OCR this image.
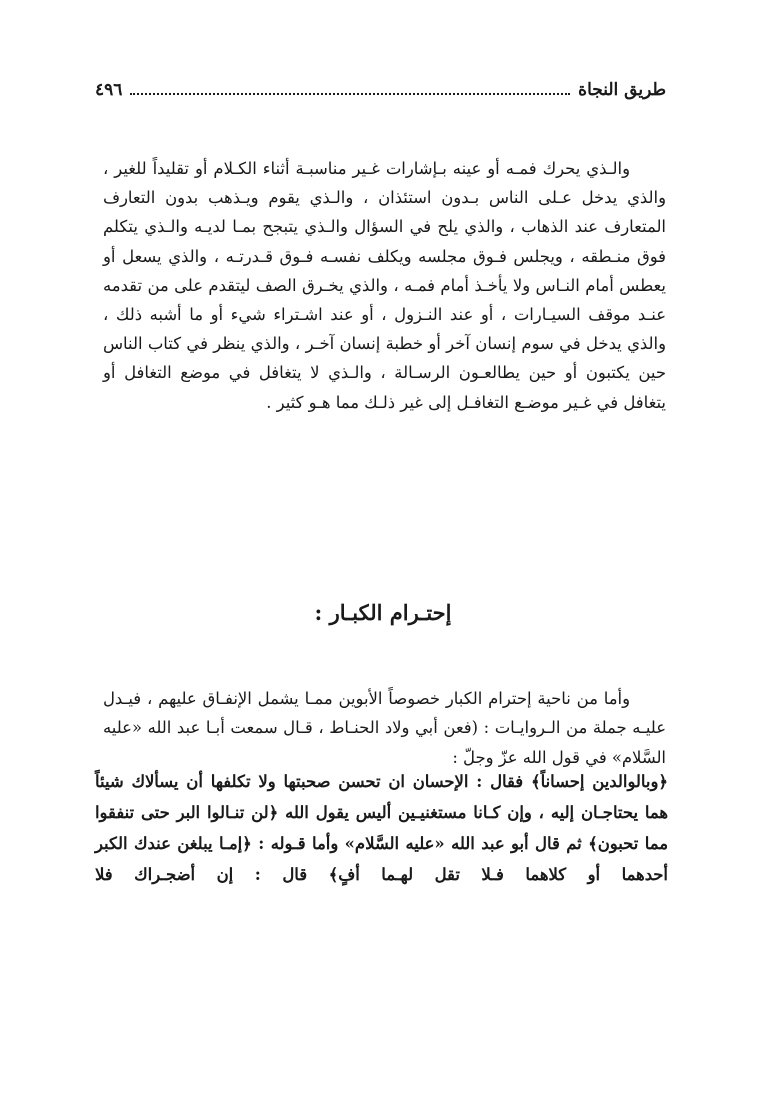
طريق النجاة
٤٩٦

والـذي يحرك فمـه أو عينه بـإشارات غـير مناسبـة أثناء الكـلام أو تقليداً للغير ، والذي يدخل عـلى الناس بـدون استئذان ، والـذي يقوم ويـذهب بدون التعارف المتعارف عند الذهاب ، والذي يلح في السؤال والـذي يتبجح بمـا لديـه والـذي يتكلم فوق منـطقه ، ويجلس فـوق مجلسه ويكلف نفسـه فـوق قـدرتـه ، والذي يسعل أو يعطس أمام النـاس ولا يأخـذ أمام فمـه ، والذي يخـرق الصف ليتقدم على من تقدمه عنـد موقف السيـارات ، أو عند النـزول ، أو عند اشـتراء شيء أو ما أشبه ذلك ، والذي يدخل في سوم إنسان آخر أو خطبة إنسان آخـر ، والذي ينظر في كتاب الناس حين يكتبون أو حين يطالعـون الرسـالة ، والـذي لا يتغافل في موضع التغافل أو يتغافل في غـير موضـع التغافـل إلى غير ذلـك مما هـو كثير .

إحتـرام الكبـار :

وأما من ناحية إحترام الكبار خصوصاً الأبوين ممـا يشمل الإنفـاق عليهم ، فيـدل عليـه جملة من الـروايـات : (فعن أبي ولاد الحنـاط ، قـال سمعت أبـا عبد الله «عليه السَّلام» في قول الله عزّ وجلّ :

﴿وبالوالدين إحساناً﴾ فقال : الإحسان ان تحسن صحبتها ولا تكلفها أن يسألاك شيئاً هما يحتاجـان إليه ، وإن كـانا مستغنيـين أليس يقول الله ﴿لن تنـالوا البر حتى تنفقوا مما تحبون﴾ ثم قال أبو عبد الله «عليه السَّلام» وأما قـوله : ﴿إمـا يبلغن عندك الكبر أحدهما أو كلاهما فـلا تقل لهـما أفٍ﴾ قال : إن أضجـراك فلا
